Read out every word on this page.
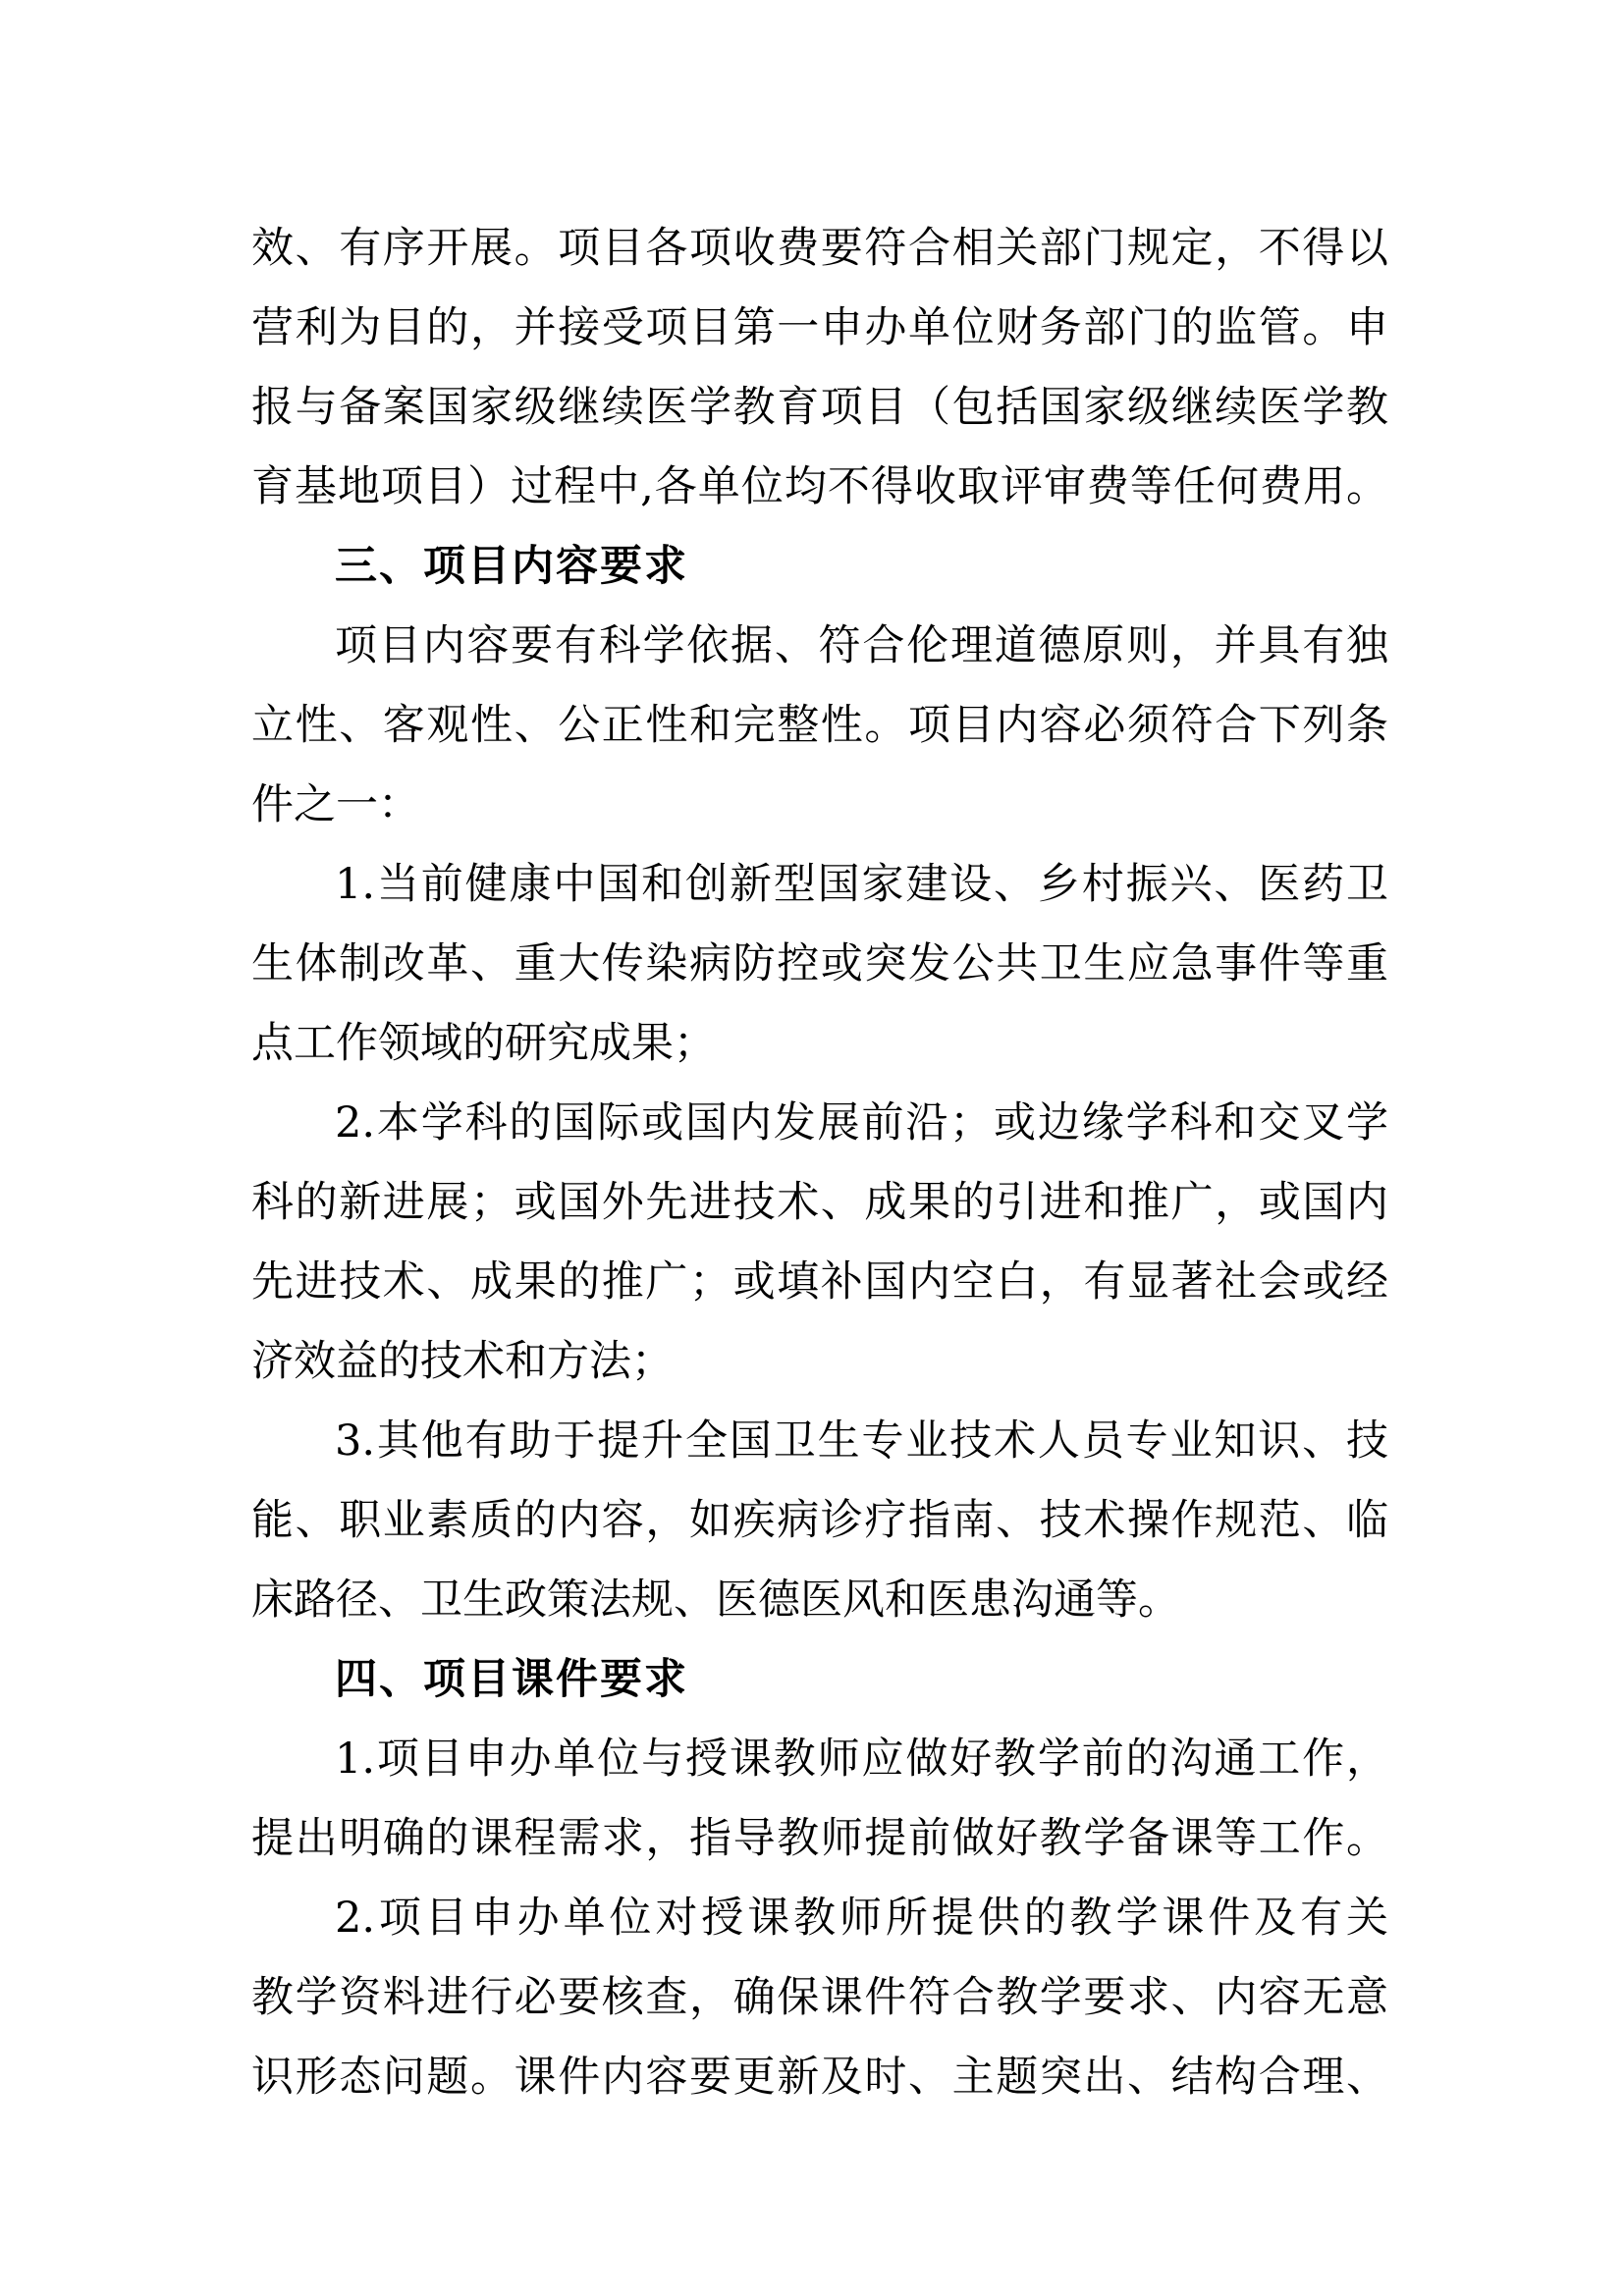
效、有序开展。项目各项收费要符合相关部门规定，不得以
营利为目的，并接受项目第一申办单位财务部门的监管。申
报与备案国家级继续医学教育项目（包括国家级继续医学教
育基地项目）过程中,各单位均不得收取评审费等任何费用。
三、项目内容要求
项目内容要有科学依据、符合伦理道德原则，并具有独
立性、客观性、公正性和完整性。项目内容必须符合下列条
件之一：
1.当前健康中国和创新型国家建设、乡村振兴、医药卫
生体制改革、重大传染病防控或突发公共卫生应急事件等重
点工作领域的研究成果；
2.本学科的国际或国内发展前沿；或边缘学科和交叉学
科的新进展；或国外先进技术、成果的引进和推广，或国内
先进技术、成果的推广；或填补国内空白，有显著社会或经
济效益的技术和方法；
3.其他有助于提升全国卫生专业技术人员专业知识、技
能、职业素质的内容，如疾病诊疗指南、技术操作规范、临
床路径、卫生政策法规、医德医风和医患沟通等。
四、项目课件要求
1.项目申办单位与授课教师应做好教学前的沟通工作，
提出明确的课程需求，指导教师提前做好教学备课等工作。
2.项目申办单位对授课教师所提供的教学课件及有关
教学资料进行必要核查，确保课件符合教学要求、内容无意
识形态问题。课件内容要更新及时、主题突出、结构合理、
